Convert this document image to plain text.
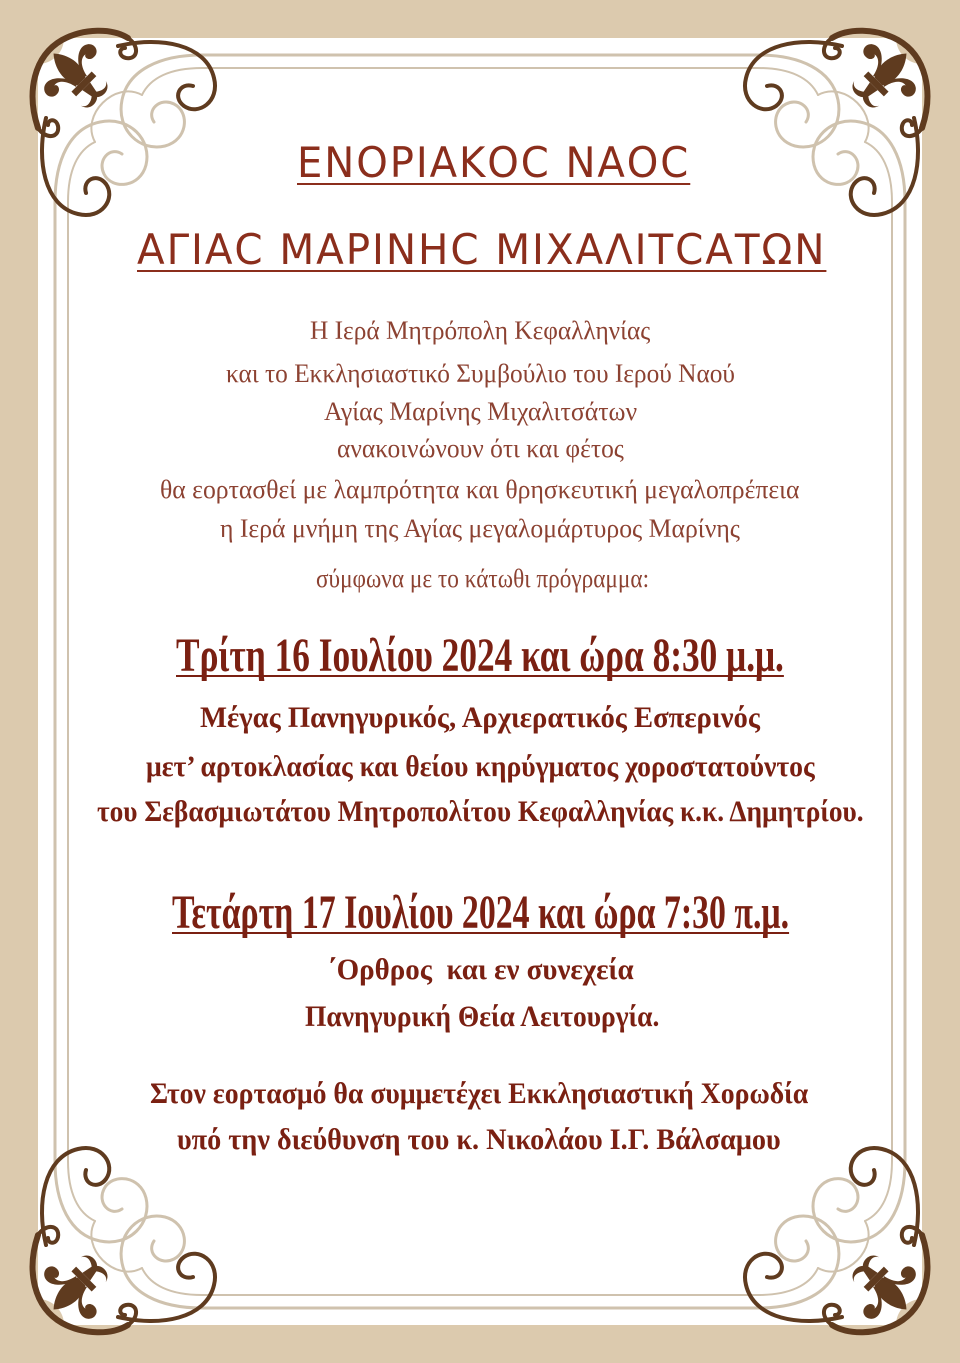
ΕΝΟΡΙΑΚΟϹ ΝΑΟϹ
ΑΓΙΑϹ ΜΑΡΙΝΗϹ ΜΙΧΑΛΙΤϹΑΤΩΝ
Η Ιερά Μητρόπολη Κεφαλληνίας
και το Εκκλησιαστικό Συμβούλιο του Ιερού Ναού
Αγίας Μαρίνης Μιχαλιτσάτων
ανακοινώνουν ότι και φέτος
θα εορτασθεί με λαμπρότητα και θρησκευτική μεγαλοπρέπεια
η Ιερά μνήμη της Αγίας μεγαλομάρτυρος Μαρίνης
σύμφωνα με το κάτωθι πρόγραμμα:
Τρίτη 16 Ιουλίου 2024 και ώρα 8:30 μ.μ.
Μέγας Πανηγυρικός, Αρχιερατικός Εσπερινός
μετ’ αρτοκλασίας και θείου κηρύγματος χοροστατούντος
του Σεβασμιωτάτου Μητροπολίτου Κεφαλληνίας κ.κ. Δημητρίου.
Τετάρτη 17 Ιουλίου 2024 και ώρα 7:30 π.μ.
΄Ορθρος  και εν συνεχεία
Πανηγυρική Θεία Λειτουργία.
Στον εορτασμό θα συμμετέχει Εκκλησιαστική Χορωδία
υπό την διεύθυνση του κ. Νικολάου Ι.Γ. Βάλσαμου
